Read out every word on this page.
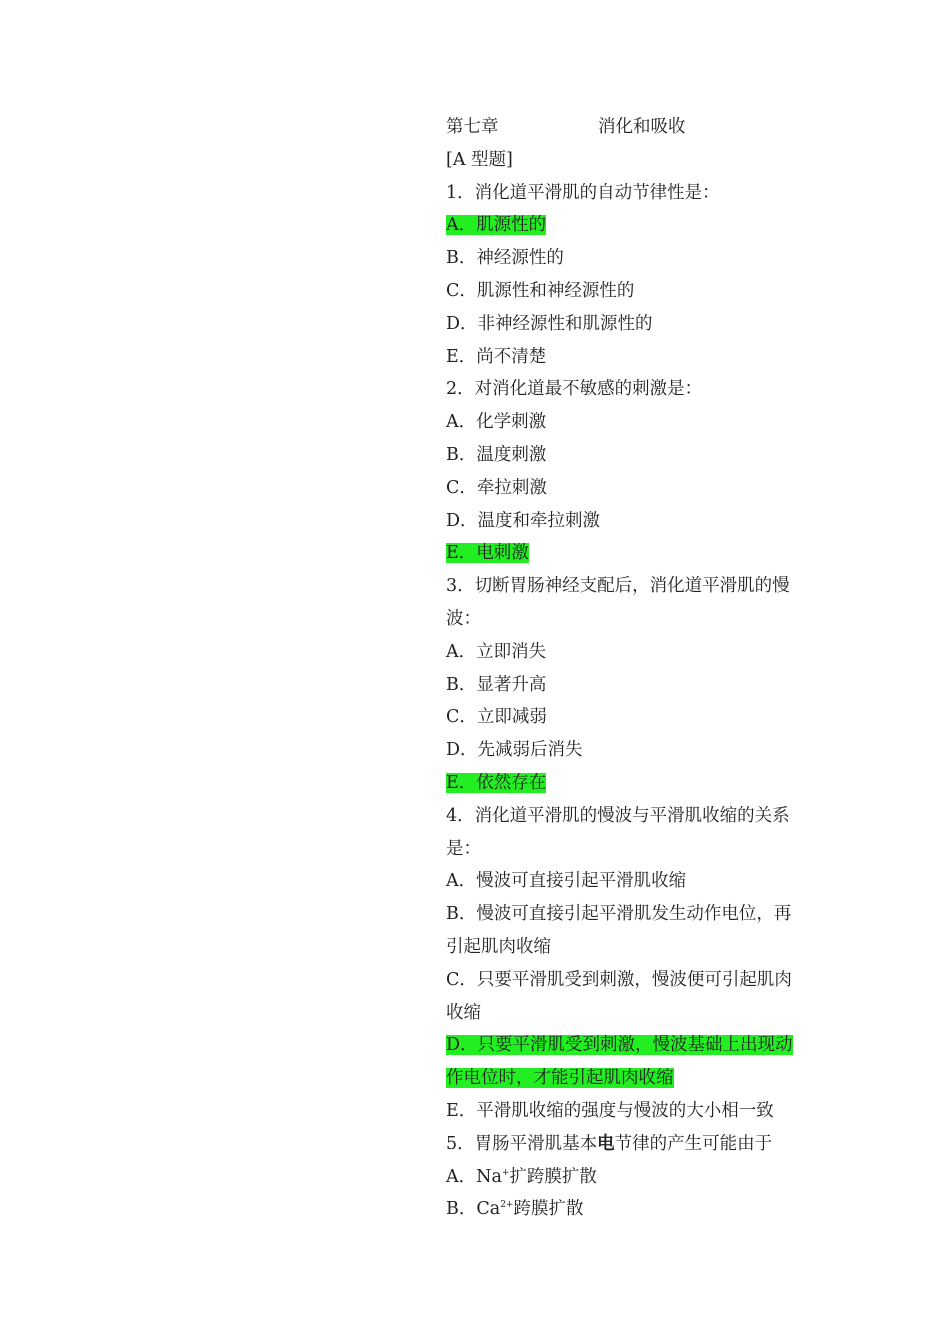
第七章	消化和吸收
[A 型题]
1．消化道平滑肌的自动节律性是：
A．肌源性的
B．神经源性的
C．肌源性和神经源性的
D．非神经源性和肌源性的
E．尚不清楚
2．对消化道最不敏感的刺激是：
A．化学刺激
B．温度刺激
C．牵拉刺激
D．温度和牵拉刺激
E．电刺激
3．切断胃肠神经支配后，消化道平滑肌的慢波：
A．立即消失
B．显著升高
C．立即减弱
D．先减弱后消失
E．依然存在
4．消化道平滑肌的慢波与平滑肌收缩的关系是：
A．慢波可直接引起平滑肌收缩
B．慢波可直接引起平滑肌发生动作电位，再引起肌肉收缩
C．只要平滑肌受到刺激，慢波便可引起肌肉收缩
D．只要平滑肌受到刺激，慢波基础上出现动作电位时，才能引起肌肉收缩
E．平滑肌收缩的强度与慢波的大小相一致
5．胃肠平滑肌基本电节律的产生可能由于
A．Na+扩跨膜扩散
B．$Ca^{2+}$跨膜扩散
